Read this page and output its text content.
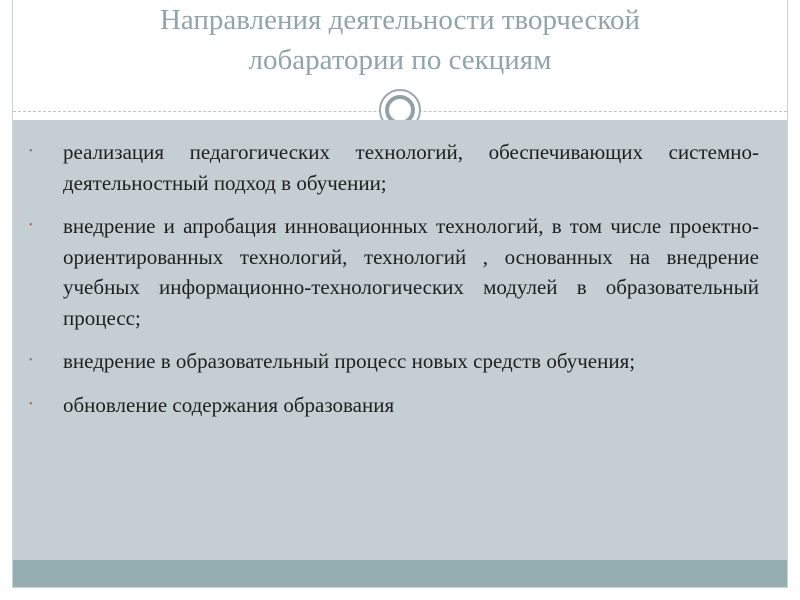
Направления деятельности творческой
лобаратории по секциям
• реализация педагогических технологий, обеспечивающих системно-деятельностный подход в обучении;
• внедрение и апробация инновационных технологий, в том числе проектно- ориентированных технологий, технологий , основанных на внедрение учебных информационно-технологических модулей в образовательный процесс;
• внедрение в образовательный процесс новых средств обучения;
• обновление содержания образования
